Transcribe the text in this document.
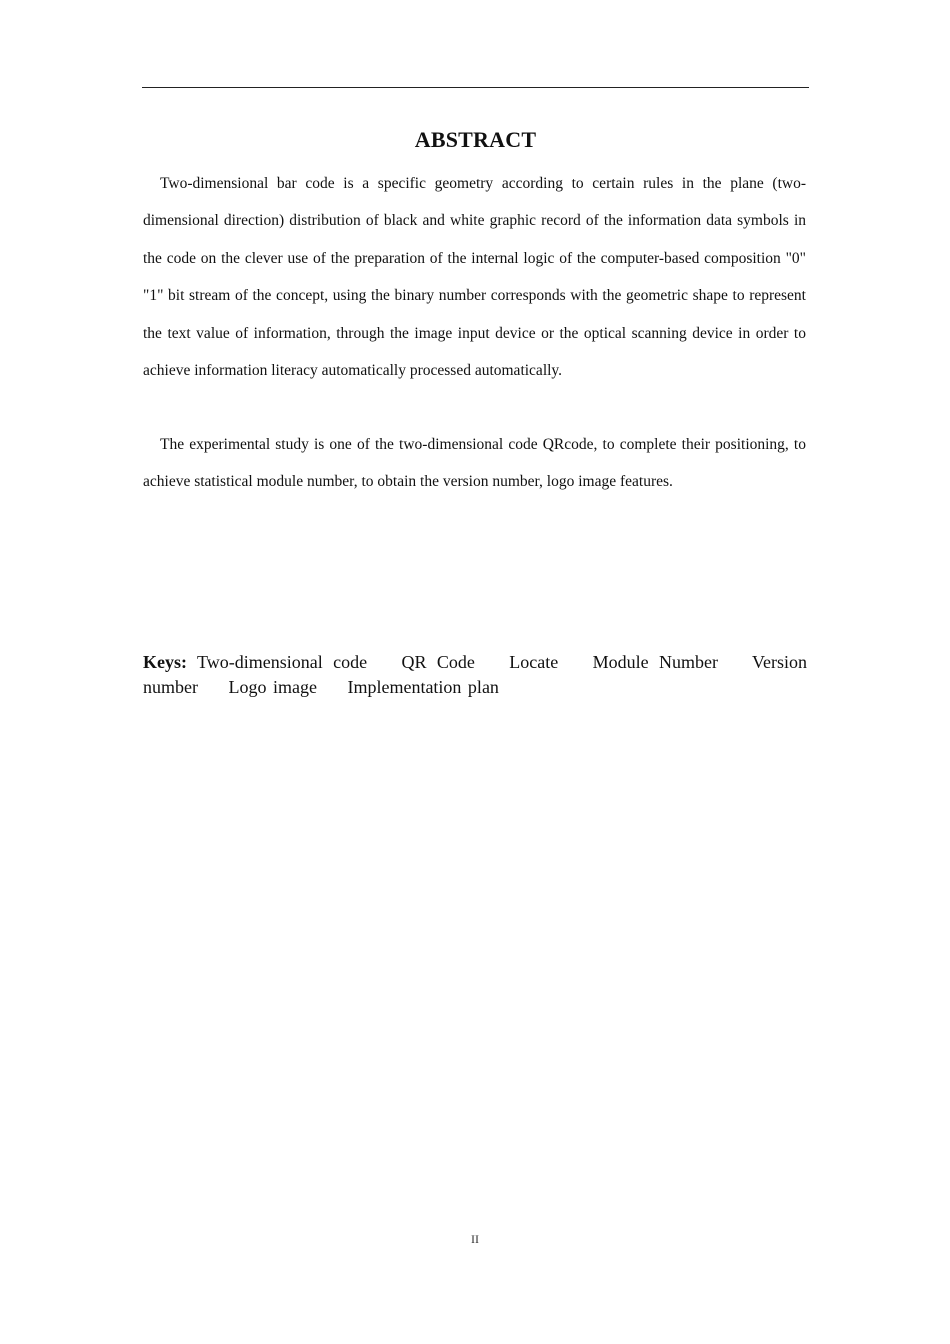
ABSTRACT

Two-dimensional bar code is a specific geometry according to certain rules in the plane (two-dimensional direction) distribution of black and white graphic record of the information data symbols in the code on the clever use of the preparation of the internal logic of the computer-based composition "0" "1" bit stream of the concept, using the binary number corresponds with the geometric shape to represent the text value of information, through the image input device or the optical scanning device in order to achieve information literacy automatically processed automatically.

The experimental study is one of the two-dimensional code QRcode, to complete their positioning, to achieve statistical module number, to obtain the version number, logo image features.

Keys: Two-dimensional code QR Code Locate Module Number Version number Logo image Implementation plan
II
